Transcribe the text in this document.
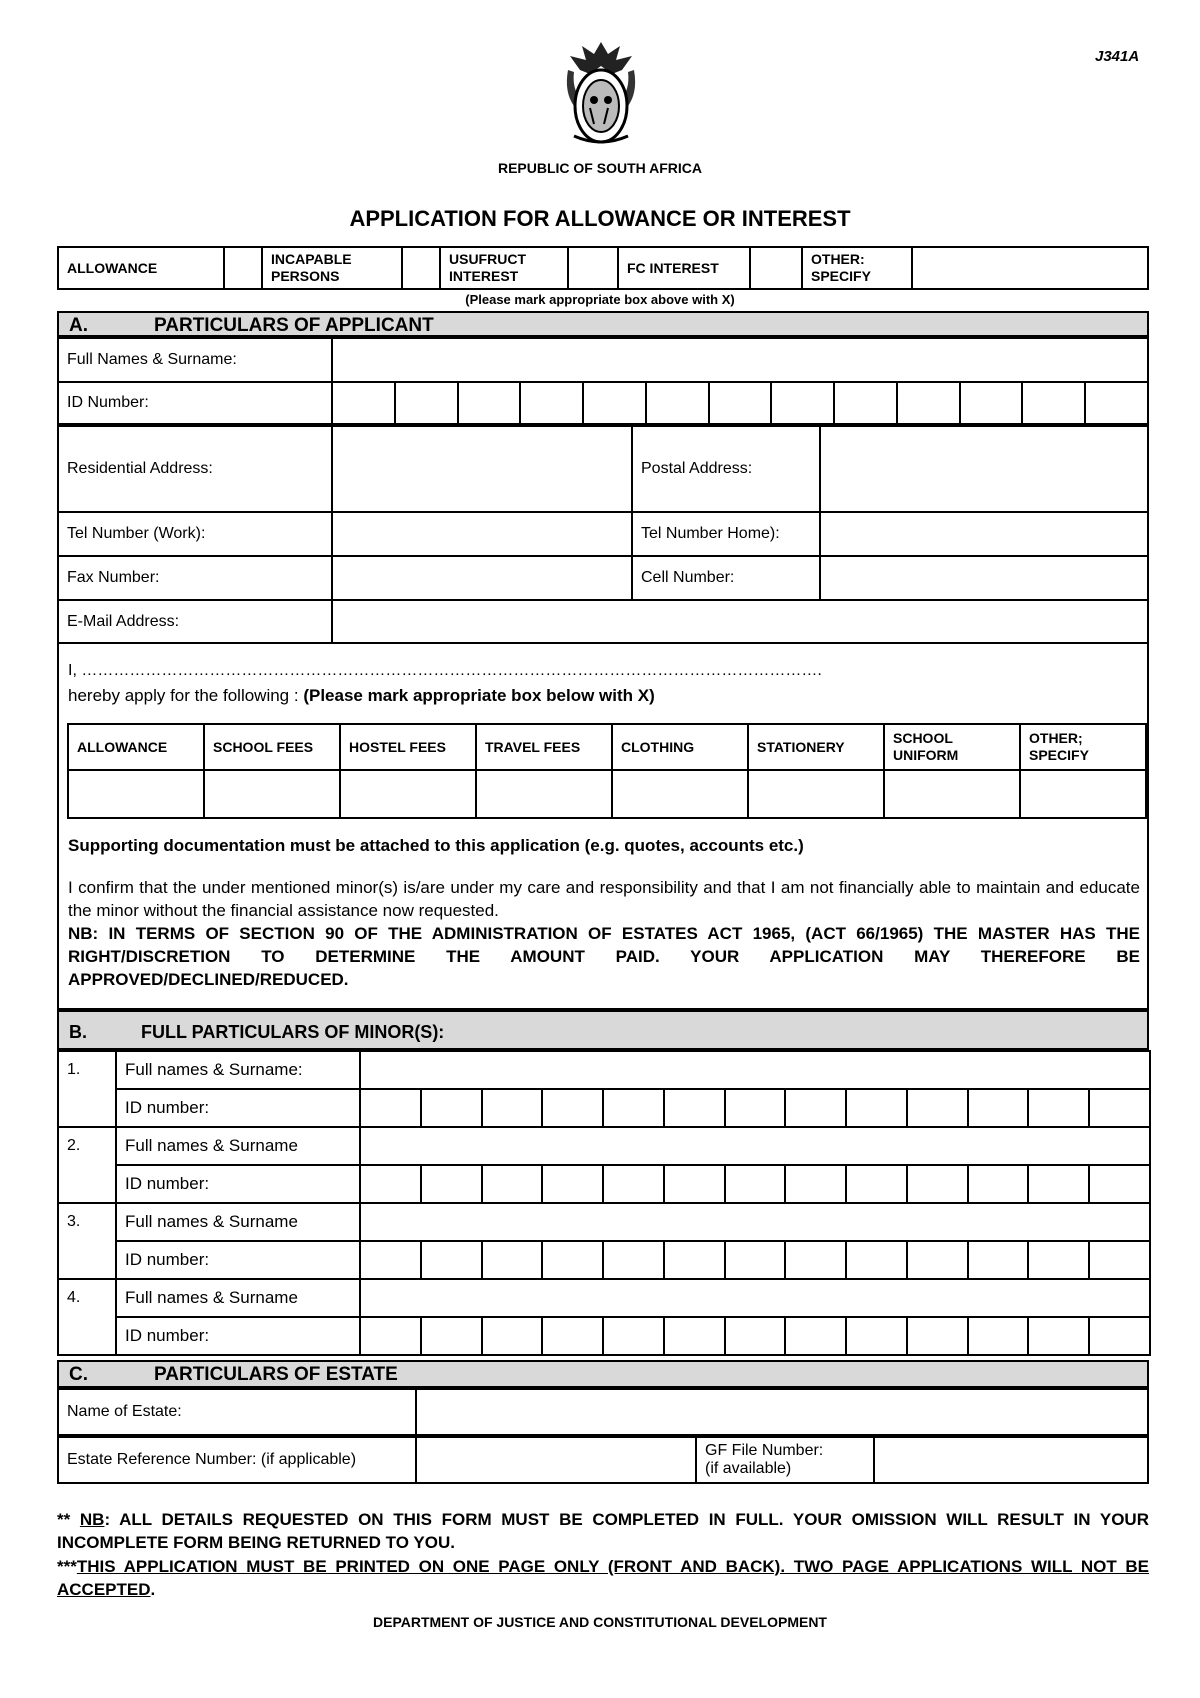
J341A
REPUBLIC OF SOUTH AFRICA
APPLICATION FOR ALLOWANCE OR INTEREST
ALLOWANCE		INCAPABLE PERSONS		USUFRUCT INTEREST		FC INTEREST		OTHER: SPECIFY	
(Please mark appropriate box above with X)
A.	PARTICULARS OF APPLICANT
Full Names & Surname:	
ID Number:													
Residential Address:		Postal Address:	
Tel Number (Work):		Tel Number Home):	
Fax Number:		Cell Number:	
E-Mail Address:	
I, ………………………………………………………………………………………………………………………….
hereby apply for the following : (Please mark appropriate box below with X)
ALLOWANCE	SCHOOL FEES	HOSTEL FEES	TRAVEL FEES	CLOTHING	STATIONERY	SCHOOL UNIFORM	OTHER; SPECIFY

Supporting documentation must be attached to this application (e.g. quotes, accounts etc.)
I confirm that the under mentioned minor(s) is/are under my care and responsibility and that I am not financially able to maintain and educate the minor without the financial assistance now requested.
NB: IN TERMS OF SECTION 90 OF THE ADMINISTRATION OF ESTATES ACT 1965, (ACT 66/1965) THE MASTER HAS THE RIGHT/DISCRETION TO DETERMINE THE AMOUNT PAID. YOUR APPLICATION MAY THEREFORE BE APPROVED/DECLINED/REDUCED.
B.	FULL PARTICULARS OF MINOR(S):
1.	Full names & Surname:													
	ID number:													
2.	Full names & Surname													
	ID number:													
3.	Full names & Surname													
	ID number:													
4.	Full names & Surname													
	ID number:													
C.	PARTICULARS OF ESTATE
Name of Estate:	
Estate Reference Number: (if applicable)		GF File Number:
(if available)	
** NB: ALL DETAILS REQUESTED ON THIS FORM MUST BE COMPLETED IN FULL. YOUR OMISSION WILL RESULT IN YOUR INCOMPLETE FORM BEING RETURNED TO YOU.
***THIS APPLICATION MUST BE PRINTED ON ONE PAGE ONLY (FRONT AND BACK). TWO PAGE APPLICATIONS WILL NOT BE ACCEPTED.
DEPARTMENT OF JUSTICE AND CONSTITUTIONAL DEVELOPMENT
